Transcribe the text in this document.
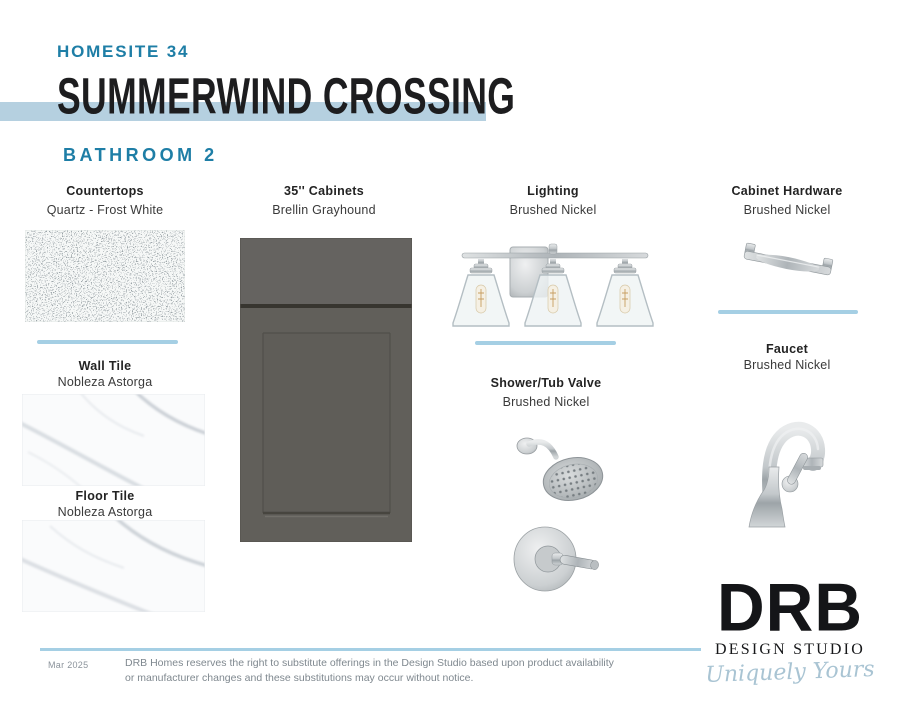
HOMESITE 34
SUMMERWIND CROSSING
BATHROOM 2
Countertops
Quartz - Frost White
Wall Tile
Nobleza Astorga
Floor Tile
Nobleza Astorga
35'' Cabinets
Brellin Grayhound
Lighting
Brushed Nickel
Shower/Tub Valve
Brushed Nickel
Cabinet Hardware
Brushed Nickel
Faucet
Brushed Nickel
Mar 2025	DRB Homes reserves the right to substitute offerings in the Design Studio based upon product availability
or manufacturer changes and these substitutions may occur without notice.
DRB
DESIGN STUDIO
Uniquely Yours
